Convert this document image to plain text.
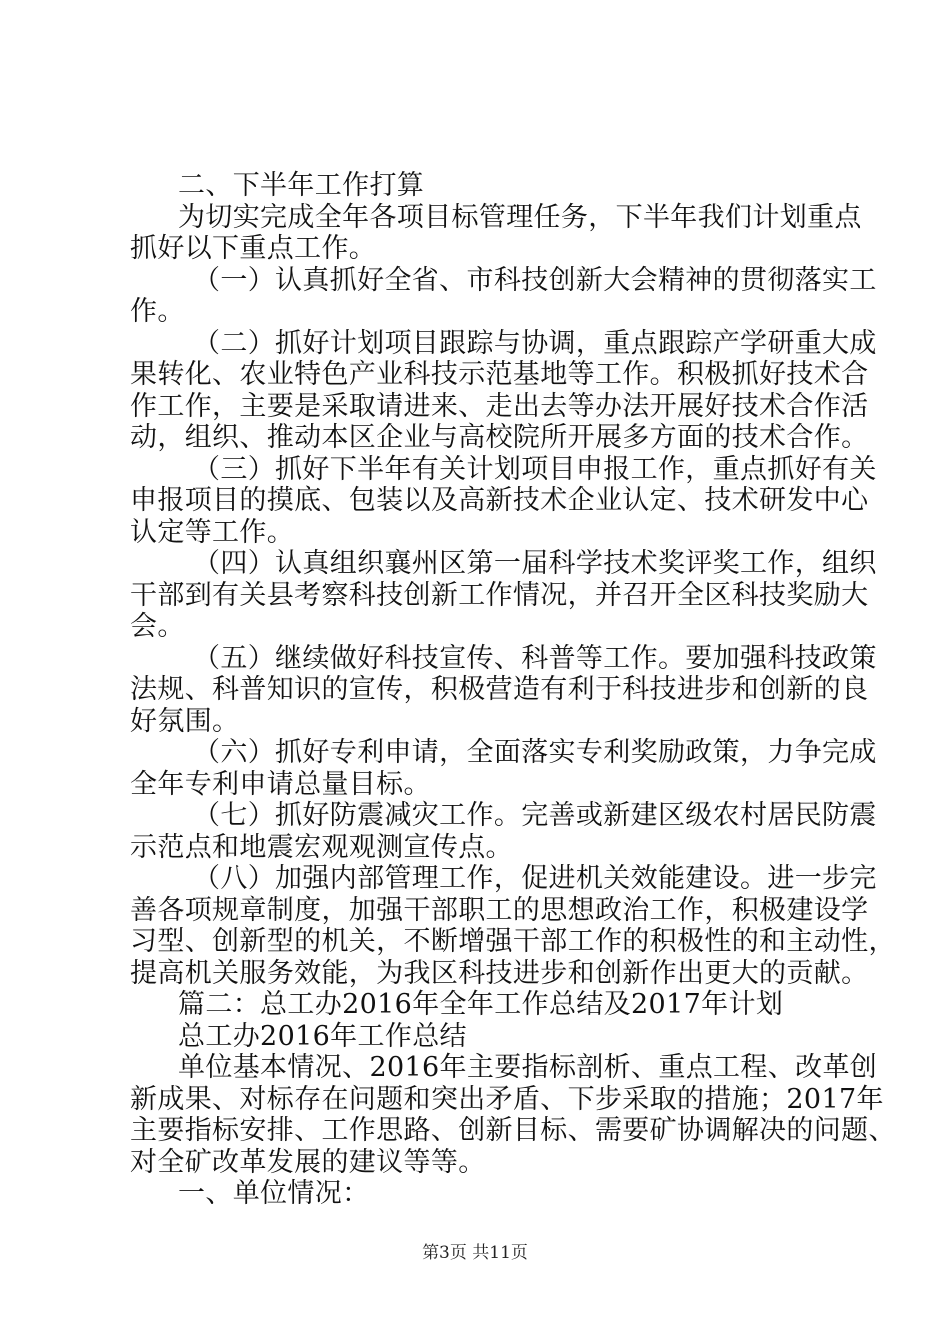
二、下半年工作打算
为切实完成全年各项目标管理任务，下半年我们计划重点
抓好以下重点工作。
（一）认真抓好全省、市科技创新大会精神的贯彻落实工
作。
（二）抓好计划项目跟踪与协调，重点跟踪产学研重大成
果转化、农业特色产业科技示范基地等工作。积极抓好技术合
作工作，主要是采取请进来、走出去等办法开展好技术合作活
动，组织、推动本区企业与高校院所开展多方面的技术合作。
（三）抓好下半年有关计划项目申报工作，重点抓好有关
申报项目的摸底、包装以及高新技术企业认定、技术研发中心
认定等工作。
（四）认真组织襄州区第一届科学技术奖评奖工作，组织
干部到有关县考察科技创新工作情况，并召开全区科技奖励大
会。
（五）继续做好科技宣传、科普等工作。要加强科技政策
法规、科普知识的宣传，积极营造有利于科技进步和创新的良
好氛围。
（六）抓好专利申请，全面落实专利奖励政策，力争完成
全年专利申请总量目标。
（七）抓好防震减灾工作。完善或新建区级农村居民防震
示范点和地震宏观观测宣传点。
（八）加强内部管理工作，促进机关效能建设。进一步完
善各项规章制度，加强干部职工的思想政治工作，积极建设学
习型、创新型的机关，不断增强干部工作的积极性的和主动性，
提高机关服务效能，为我区科技进步和创新作出更大的贡献。
篇二：总工办2016年全年工作总结及2017年计划
总工办2016年工作总结
单位基本情况、2016年主要指标剖析、重点工程、改革创
新成果、对标存在问题和突出矛盾、下步采取的措施；2017年
主要指标安排、工作思路、创新目标、需要矿协调解决的问题、
对全矿改革发展的建议等等。
一、单位情况：
第3页 共11页
